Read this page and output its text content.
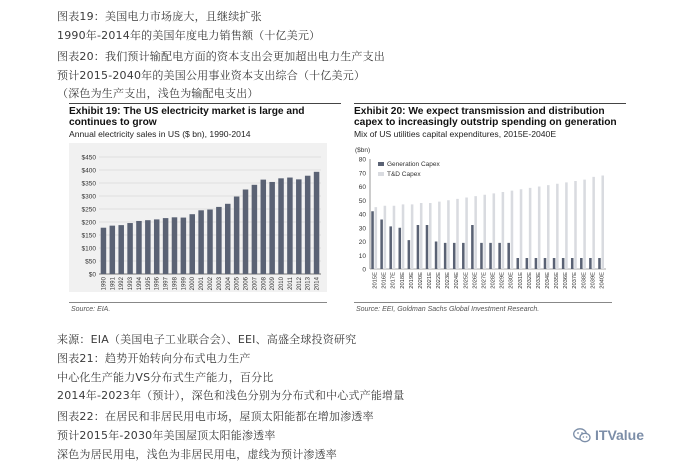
图表19：美国电力市场庞大，且继续扩张
1990年-2014年的美国年度电力销售额（十亿美元）
图表20：我们预计输配电方面的资本支出会更加超出电力生产支出
预计2015-2040年的美国公用事业资本支出综合（十亿美元）
（深色为生产支出，浅色为输配电支出）
Exhibit 19: The US electricity market is large and continues to grow
Annual electricity sales in US ($ bn), 1990-2014
$0
$50
$100
$150
$200
$250
$300
$350
$400
$450
1990 1991 1992 1993 1994 1995 1996 1997 1998 1999 2000 2001 2002 2003 2004 2005 2006 2007 2008 2009 2010 2011 2012 2013 2014
Source: EIA.
Exhibit 20: We expect transmission and distribution capex to increasingly outstrip spending on generation
Mix of US utilities capital expenditures, 2015E-2040E
($bn)
0
10
20
30
40
50
60
70
80
2015E 2016E 2017E 2018E 2019E 2020E 2021E 2022E 2023E 2024E 2025E 2026E 2027E 2028E 2029E 2030E 2031E 2032E 2033E 2034E 2035E 2036E 2037E 2038E 2039E 2040E
Generation Capex
T&D Capex
Source: EEI, Goldman Sachs Global Investment Research.
来源：EIA（美国电子工业联合会）、EEI、高盛全球投资研究
图表21：趋势开始转向分布式电力生产
中心化生产能力VS分布式生产能力，百分比
2014年-2023年（预计），深色和浅色分别为分布式和中心式产能增量
图表22：在居民和非居民用电市场，屋顶太阳能都在增加渗透率
预计2015年-2030年美国屋顶太阳能渗透率
深色为居民用电，浅色为非居民用电，虚线为预计渗透率
ITValue
